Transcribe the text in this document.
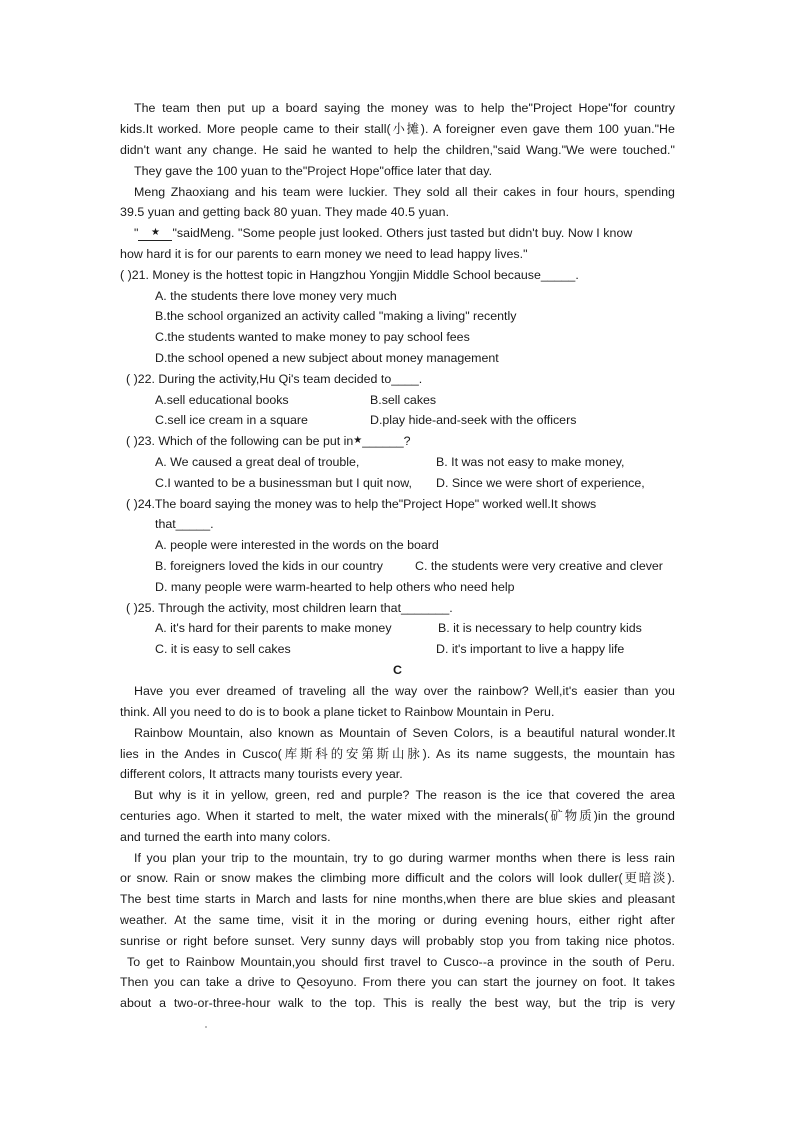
The team then put up a board saying the money was to help the"Project Hope"for country
kids.It worked. More people came to their stall(小摊). A foreigner even gave them 100 yuan."He
didn't want any change. He said he wanted to help the children,"said Wang."We were touched."
They gave the 100 yuan to the"Project Hope"office later that day.
Meng Zhaoxiang and his team were luckier. They sold all their cakes in four hours, spending
39.5 yuan and getting back 80 yuan. They made 40.5 yuan.
" ★ "saidMeng. "Some people just looked. Others just tasted but didn't buy. Now I know
how hard it is for our parents to earn money we need to lead happy lives."
( )21. Money is the hottest topic in Hangzhou Yongjin Middle School because_____.
A. the students there love money very much
B.the school organized an activity called "making a living" recently
C.the students wanted to make money to pay school fees
D.the school opened a new subject about money management
( )22. During the activity,Hu Qi's team decided to____.
A.sell educational books	B.sell cakes
C.sell ice cream in a square	D.play hide-and-seek with the officers
( )23. Which of the following can be put in★______?
A. We caused a great deal of trouble,	B. It was not easy to make money,
C.I wanted to be a businessman but I quit now, D. Since we were short of experience,
( )24.The board saying the money was to help the"Project Hope" worked well.It shows
that_____.
A. people were interested in the words on the board
B. foreigners loved the kids in our country	C. the students were very creative and clever
D. many people were warm-hearted to help others who need help
( )25. Through the activity, most children learn that_______.
A. it's hard for their parents to make money	B. it is necessary to help country kids
C. it is easy to sell cakes	D. it's important to live a happy life
C
Have you ever dreamed of traveling all the way over the rainbow? Well,it's easier than you
think. All you need to do is to book a plane ticket to Rainbow Mountain in Peru.
Rainbow Mountain, also known as Mountain of Seven Colors, is a beautiful natural wonder.It
lies in the Andes in Cusco(库斯科的安第斯山脉). As its name suggests, the mountain has
different colors, It attracts many tourists every year.
But why is it in yellow, green, red and purple? The reason is the ice that covered the area
centuries ago. When it started to melt, the water mixed with the minerals(矿物质)in the ground
and turned the earth into many colors.
If you plan your trip to the mountain, try to go during warmer months when there is less rain
or snow. Rain or snow makes the climbing more difficult and the colors will look duller(更暗淡).
The best time starts in March and lasts for nine months,when there are blue skies and pleasant
weather. At the same time, visit it in the moring or during evening hours, either right after
sunrise or right before sunset. Very sunny days will probably stop you from taking nice photos.
To get to Rainbow Mountain,you should first travel to Cusco--a province in the south of Peru.
Then you can take a drive to Qesoyuno. From there you can start the journey on foot. It takes
about a two-or-three-hour walk to the top. This is really the best way, but the trip is very
